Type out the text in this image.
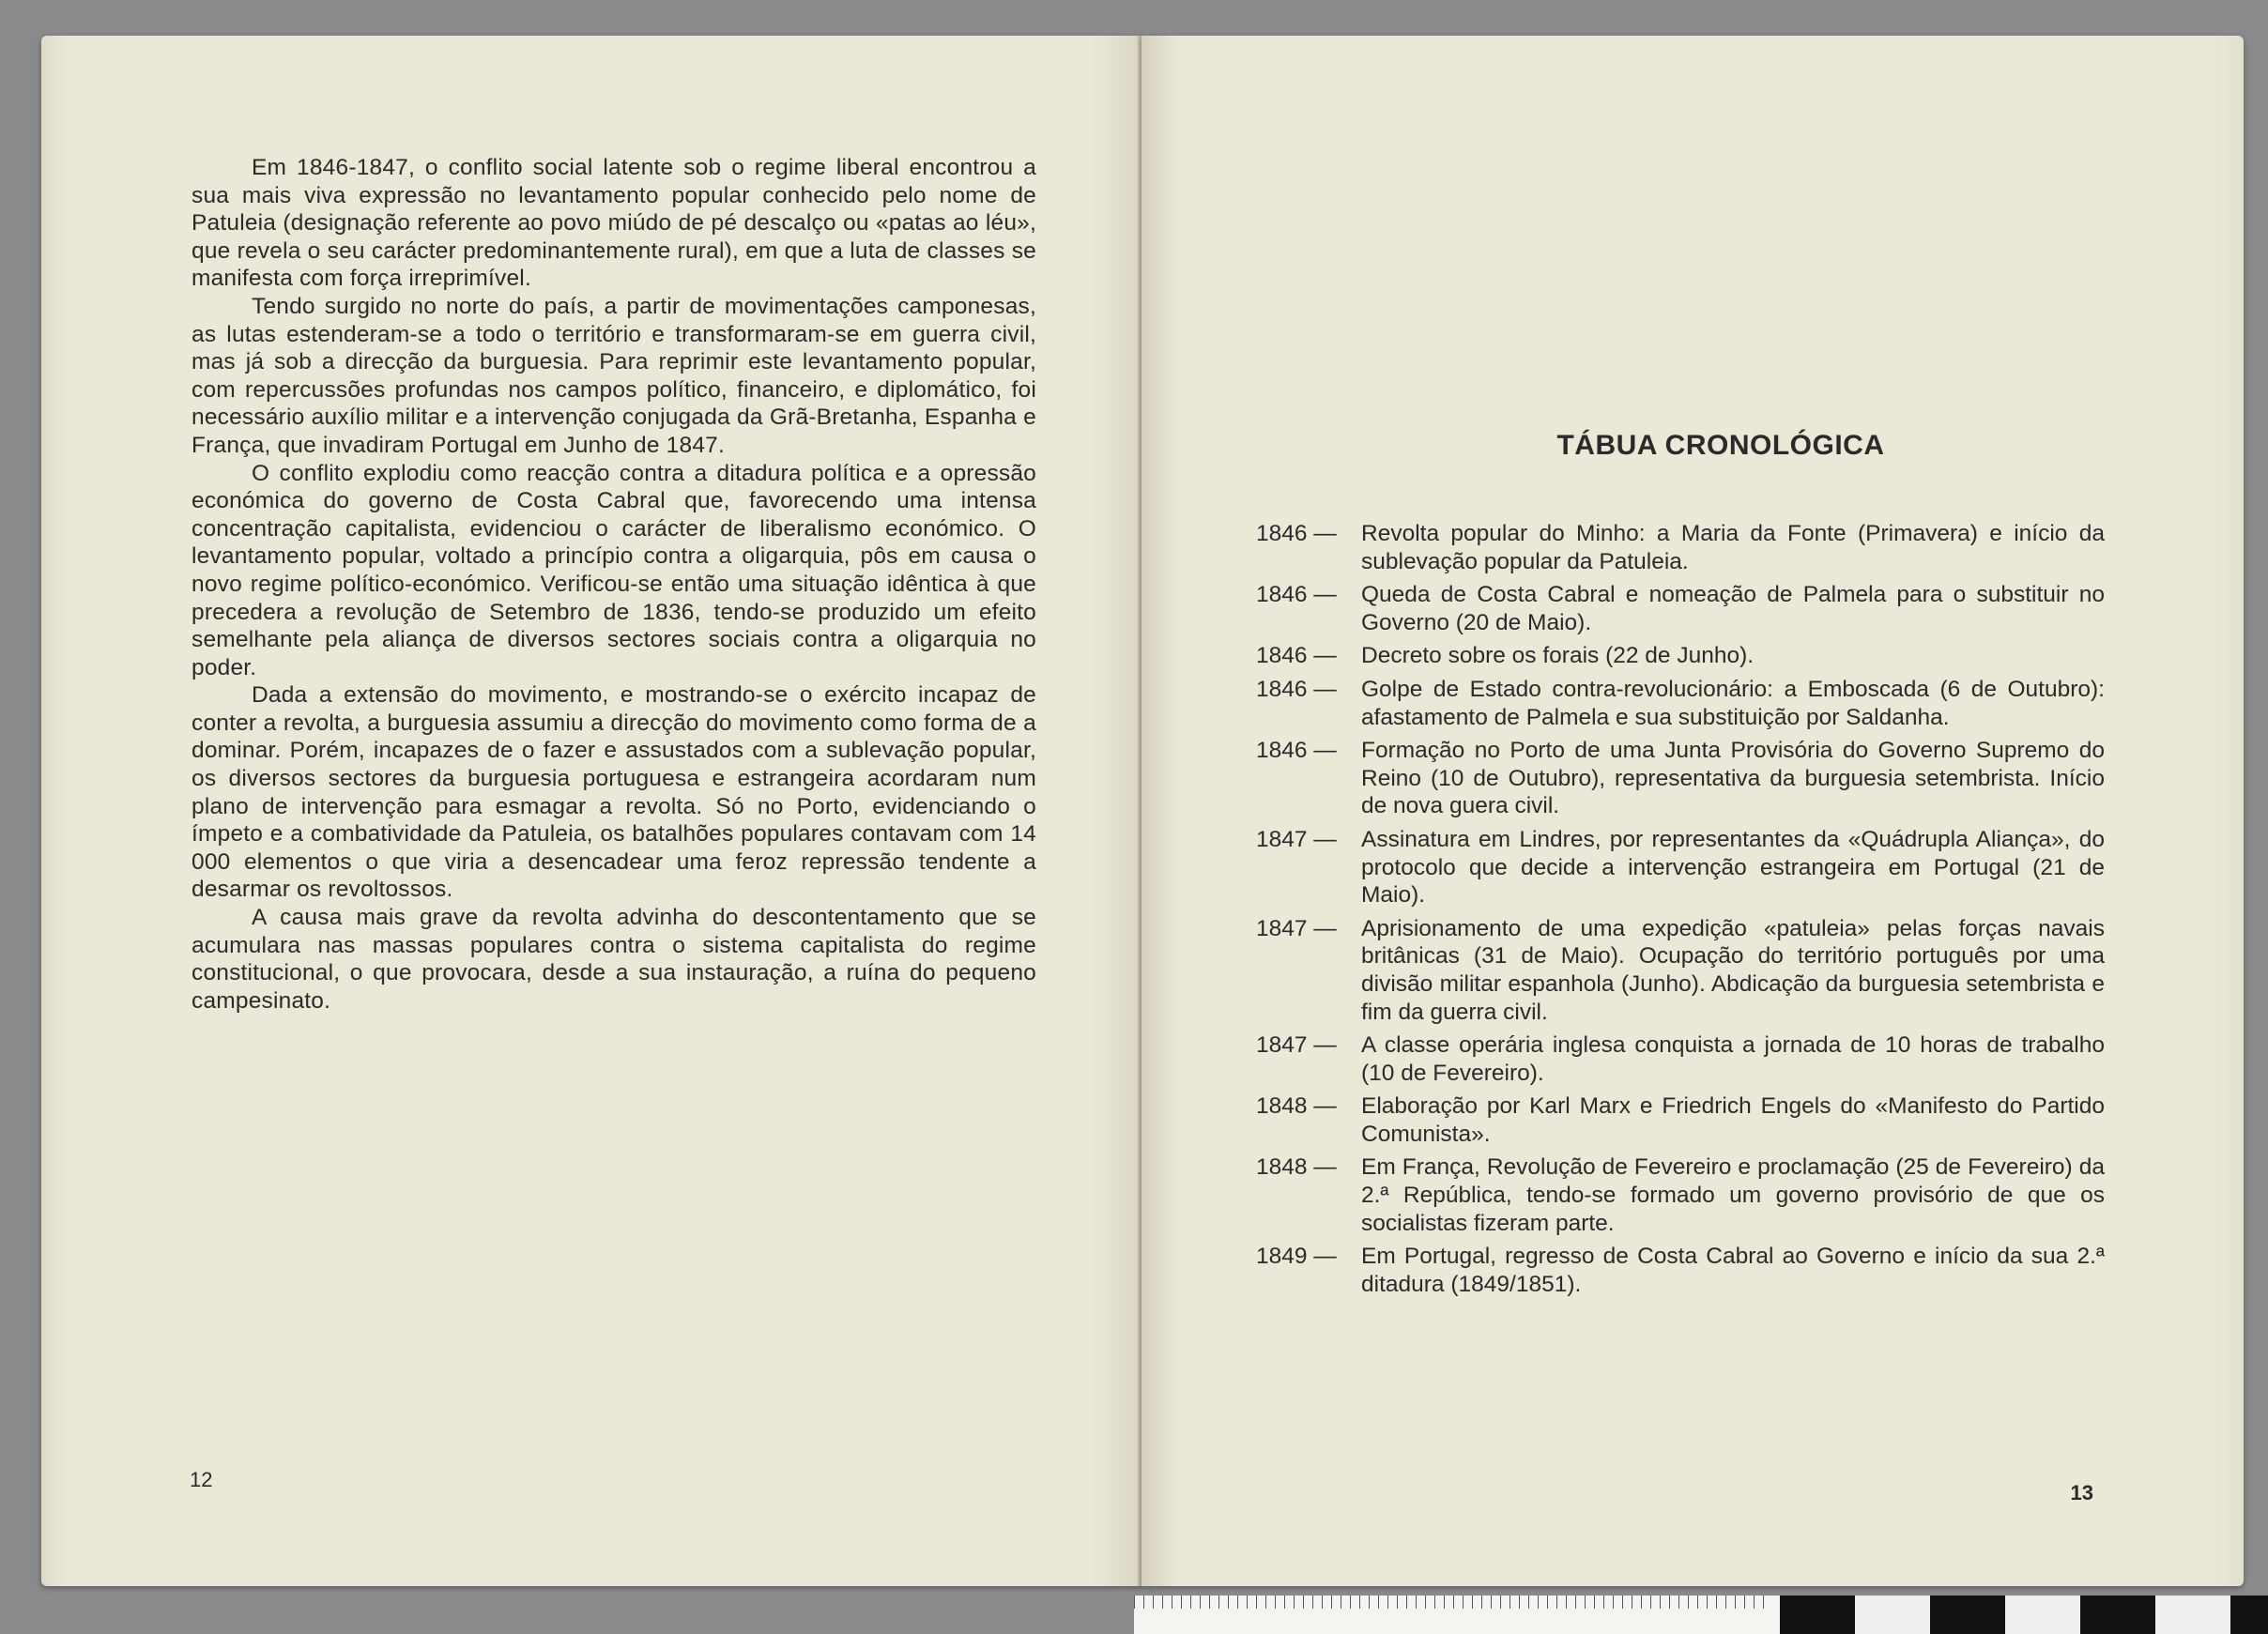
Em 1846-1847, o conflito social latente sob o regime liberal encontrou a sua mais viva expressão no levantamento popular conhecido pelo nome de Patuleia (designação referente ao povo miúdo de pé descalço ou «patas ao léu», que revela o seu carácter predominantemente rural), em que a luta de classes se manifesta com força irreprimível.

Tendo surgido no norte do país, a partir de movimentações camponesas, as lutas estenderam-se a todo o território e transformaram-se em guerra civil, mas já sob a direcção da burguesia. Para reprimir este levantamento popular, com repercussões profundas nos campos político, financeiro, e diplomático, foi necessário auxílio militar e a intervenção conjugada da Grã-Bretanha, Espanha e França, que invadiram Portugal em Junho de 1847.

O conflito explodiu como reacção contra a ditadura política e a opressão económica do governo de Costa Cabral que, favorecendo uma intensa concentração capitalista, evidenciou o carácter de liberalismo económico. O levantamento popular, voltado a princípio contra a oligarquia, pôs em causa o novo regime político-económico. Verificou-se então uma situação idêntica à que precedera a revolução de Setembro de 1836, tendo-se produzido um efeito semelhante pela aliança de diversos sectores sociais contra a oligarquia no poder.

Dada a extensão do movimento, e mostrando-se o exército incapaz de conter a revolta, a burguesia assumiu a direcção do movimento como forma de a dominar. Porém, incapazes de o fazer e assustados com a sublevação popular, os diversos sectores da burguesia portuguesa e estrangeira acordaram num plano de intervenção para esmagar a revolta. Só no Porto, evidenciando o ímpeto e a combatividade da Patuleia, os batalhões populares contavam com 14 000 elementos o que viria a desencadear uma feroz repressão tendente a desarmar os revoltossos.

A causa mais grave da revolta advinha do descontentamento que se acumulara nas massas populares contra o sistema capitalista do regime constitucional, o que provocara, desde a sua instauração, a ruína do pequeno campesinato.

12
TÁBUA CRONOLÓGICA
1846 —	Revolta popular do Minho: a Maria da Fonte (Primavera) e início da sublevação popular da Patuleia.
1846 —	Queda de Costa Cabral e nomeação de Palmela para o substituir no Governo (20 de Maio).
1846 —	Decreto sobre os forais (22 de Junho).
1846 —	Golpe de Estado contra-revolucionário: a Emboscada (6 de Outubro): afastamento de Palmela e sua substituição por Saldanha.
1846 —	Formação no Porto de uma Junta Provisória do Governo Supremo do Reino (10 de Outubro), representativa da burguesia setembrista. Início de nova guera civil.
1847 —	Assinatura em Lindres, por representantes da «Quádrupla Aliança», do protocolo que decide a intervenção estrangeira em Portugal (21 de Maio).
1847 —	Aprisionamento de uma expedição «patuleia» pelas forças navais britânicas (31 de Maio). Ocupação do território português por uma divisão militar espanhola (Junho). Abdicação da burguesia setembrista e fim da guerra civil.
1847 —	A classe operária inglesa conquista a jornada de 10 horas de trabalho (10 de Fevereiro).
1848 —	Elaboração por Karl Marx e Friedrich Engels do «Manifesto do Partido Comunista».
1848 —	Em França, Revolução de Fevereiro e proclamação (25 de Fevereiro) da 2.ª República, tendo-se formado um governo provisório de que os socialistas fizeram parte.
1849 —	Em Portugal, regresso de Costa Cabral ao Governo e início da sua 2.ª ditadura (1849/1851).
13
